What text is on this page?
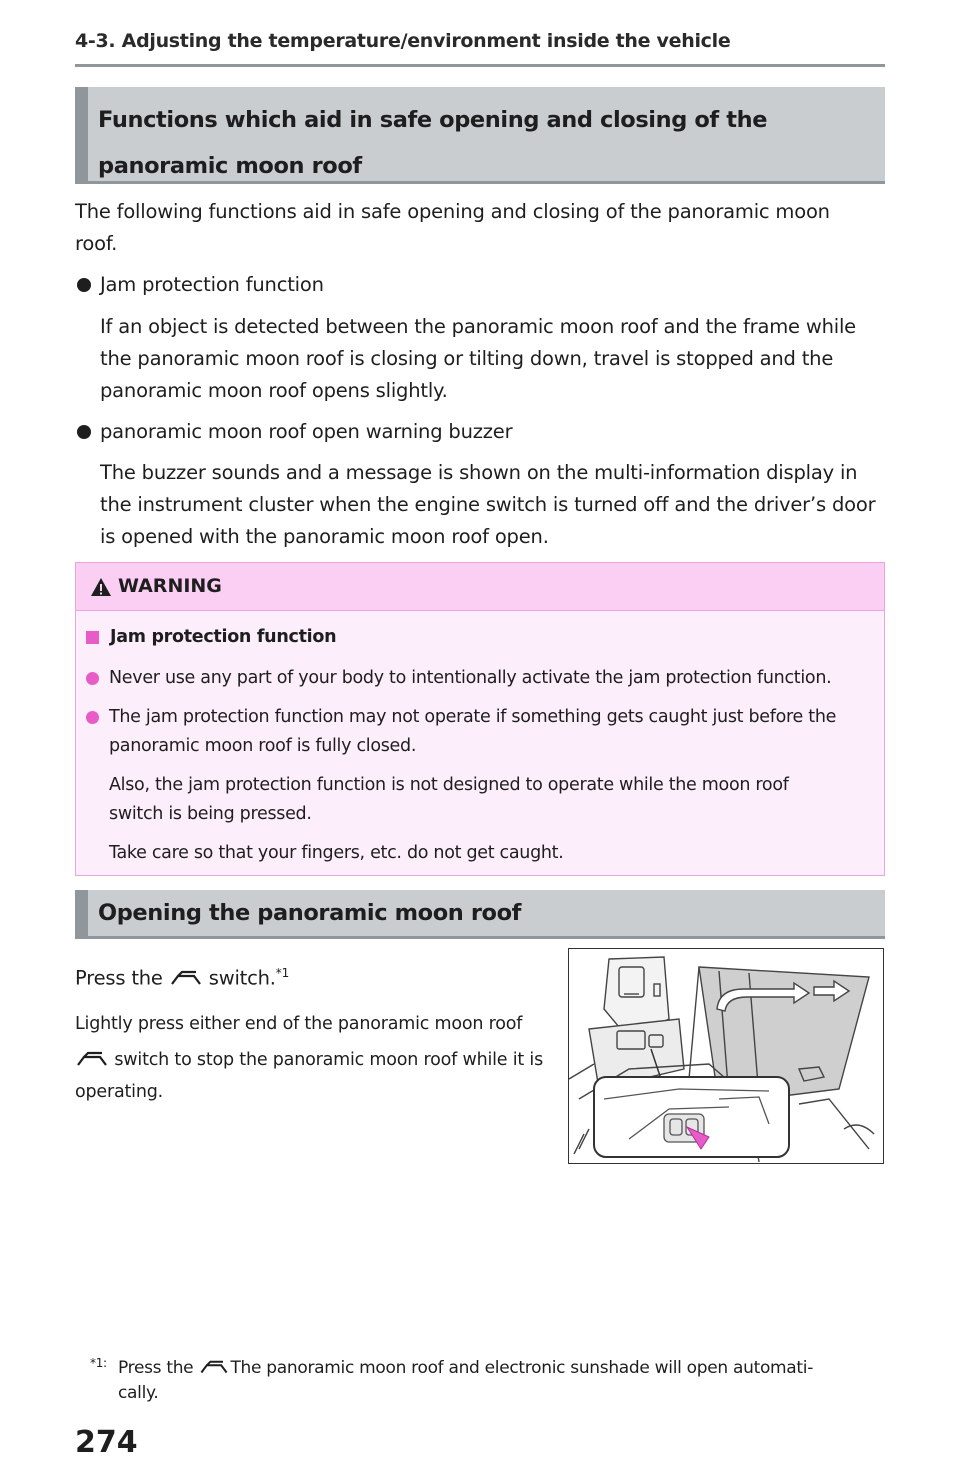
4-3. Adjusting the temperature/environment inside the vehicle
Functions which aid in safe opening and closing of the panoramic moon roof
The following functions aid in safe opening and closing of the panoramic moon
roof.
Jam protection function
If an object is detected between the panoramic moon roof and the frame while
the panoramic moon roof is closing or tilting down, travel is stopped and the
panoramic moon roof opens slightly.
panoramic moon roof open warning buzzer
The buzzer sounds and a message is shown on the multi-information display in
the instrument cluster when the engine switch is turned off and the driver’s door
is opened with the panoramic moon roof open.
WARNING
Jam protection function
Never use any part of your body to intentionally activate the jam protection function.
The jam protection function may not operate if something gets caught just before the
panoramic moon roof is fully closed.
Also, the jam protection function is not designed to operate while the moon roof
switch is being pressed.
Take care so that your fingers, etc. do not get caught.
Opening the panoramic moon roof
Press the switch.$^{*1}$
Lightly press either end of the panoramic moon roof
switch to stop the panoramic moon roof while it is
operating.
*1: Press the The panoramic moon roof and electronic sunshade will open automati-
cally.
274
